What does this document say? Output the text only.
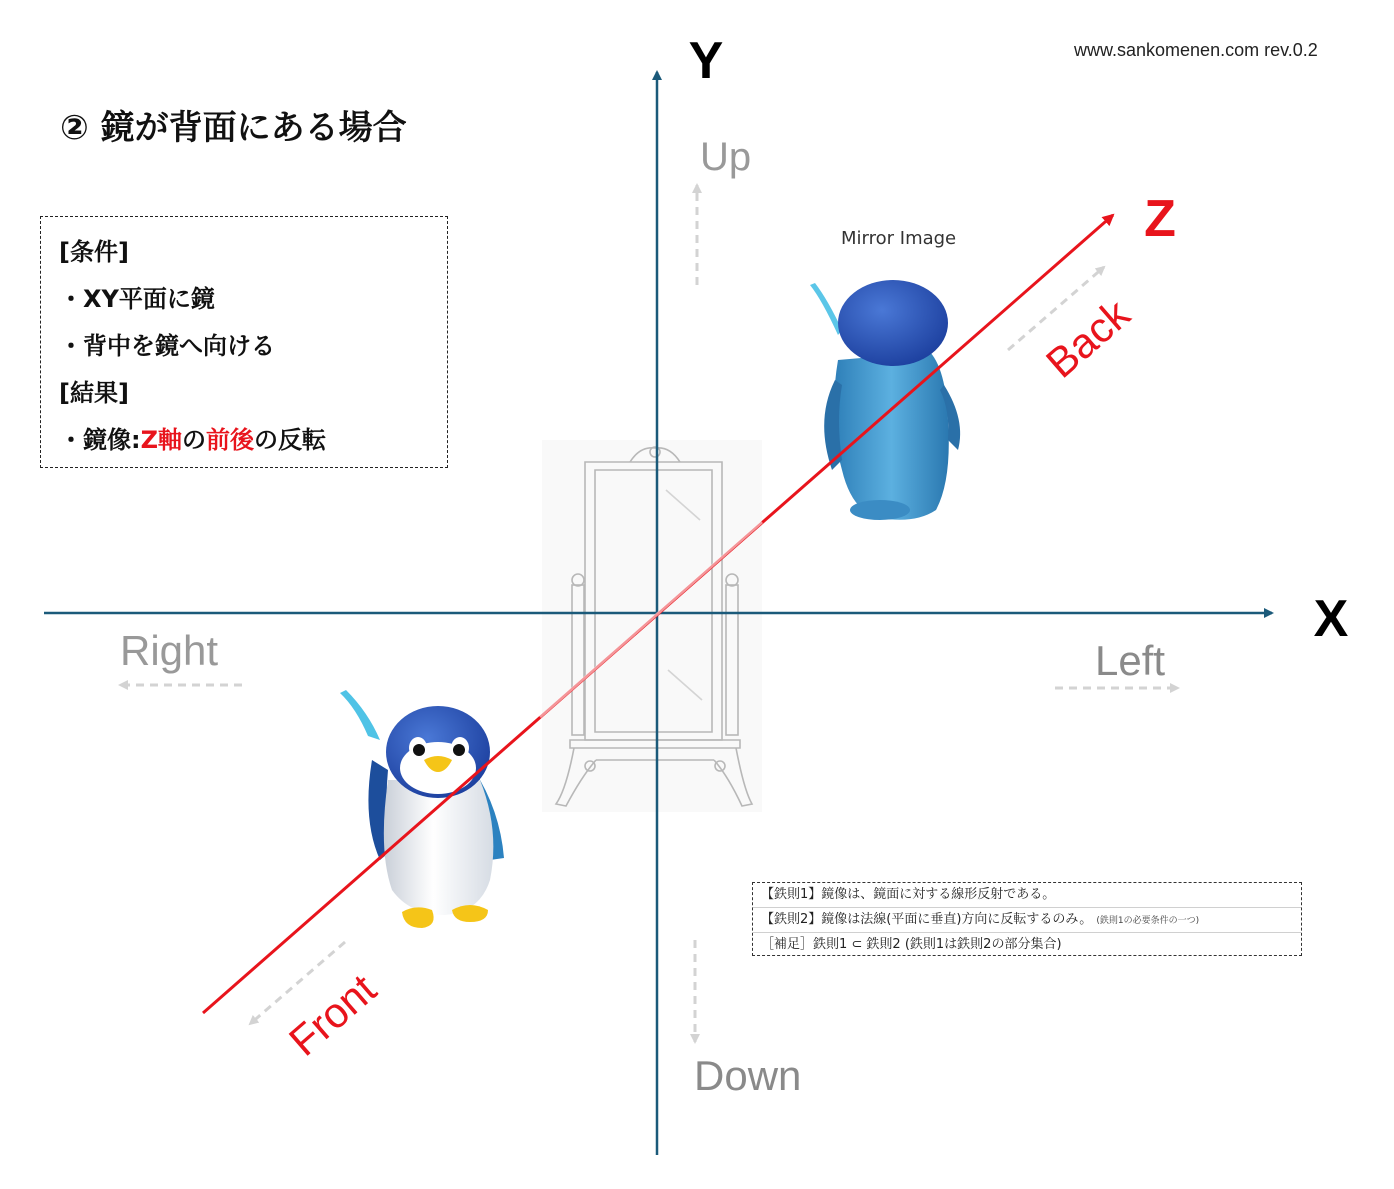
Y
X
Z
Up
Down
Right	Left
Back
Front
Mirror Image
② 鏡が背面にある場合
www.sankomenen.com rev.0.2
[条件]
・XY平面に鏡
・背中を鏡へ向ける
[結果]
・鏡像:Z軸の前後の反転
【鉄則1】鏡像は、鏡面に対する線形反射である。
【鉄則2】鏡像は法線(平面に垂直)方向に反転するのみ。 (鉄則1の必要条件の一つ)
［補足］鉄則1 ⊂ 鉄則2 (鉄則1は鉄則2の部分集合)
